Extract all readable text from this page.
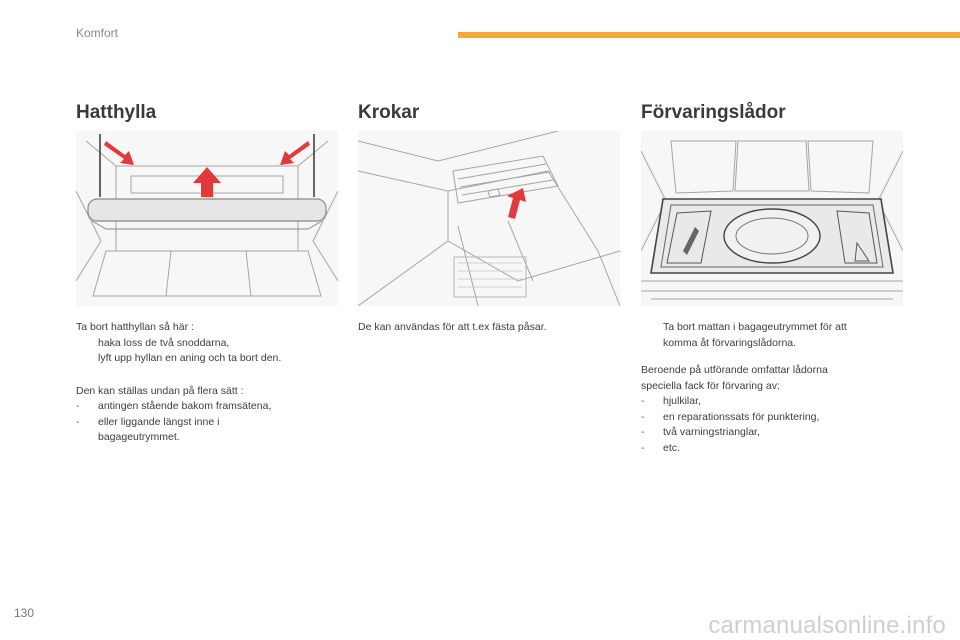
Komfort
Hatthylla

Ta bort hatthyllan så här :

haka loss de två snoddarna,
lyft upp hyllan en aning och ta bort den.

Den kan ställas undan på flera sätt :

-	antingen stående bakom framsätena,
-	eller liggande längst inne i bagageutrymmet.
Krokar

De kan användas för att t.ex fästa påsar.

Förvaringslådor
Ta bort mattan i bagageutrymmet för att komma åt förvaringslådorna.

Beroende på utförande omfattar lådorna speciella fack för förvaring av:

-	hjulkilar,
-	en reparationssats för punktering,
-	två varningstrianglar,
-	etc.
130	carmanualsonline.info
